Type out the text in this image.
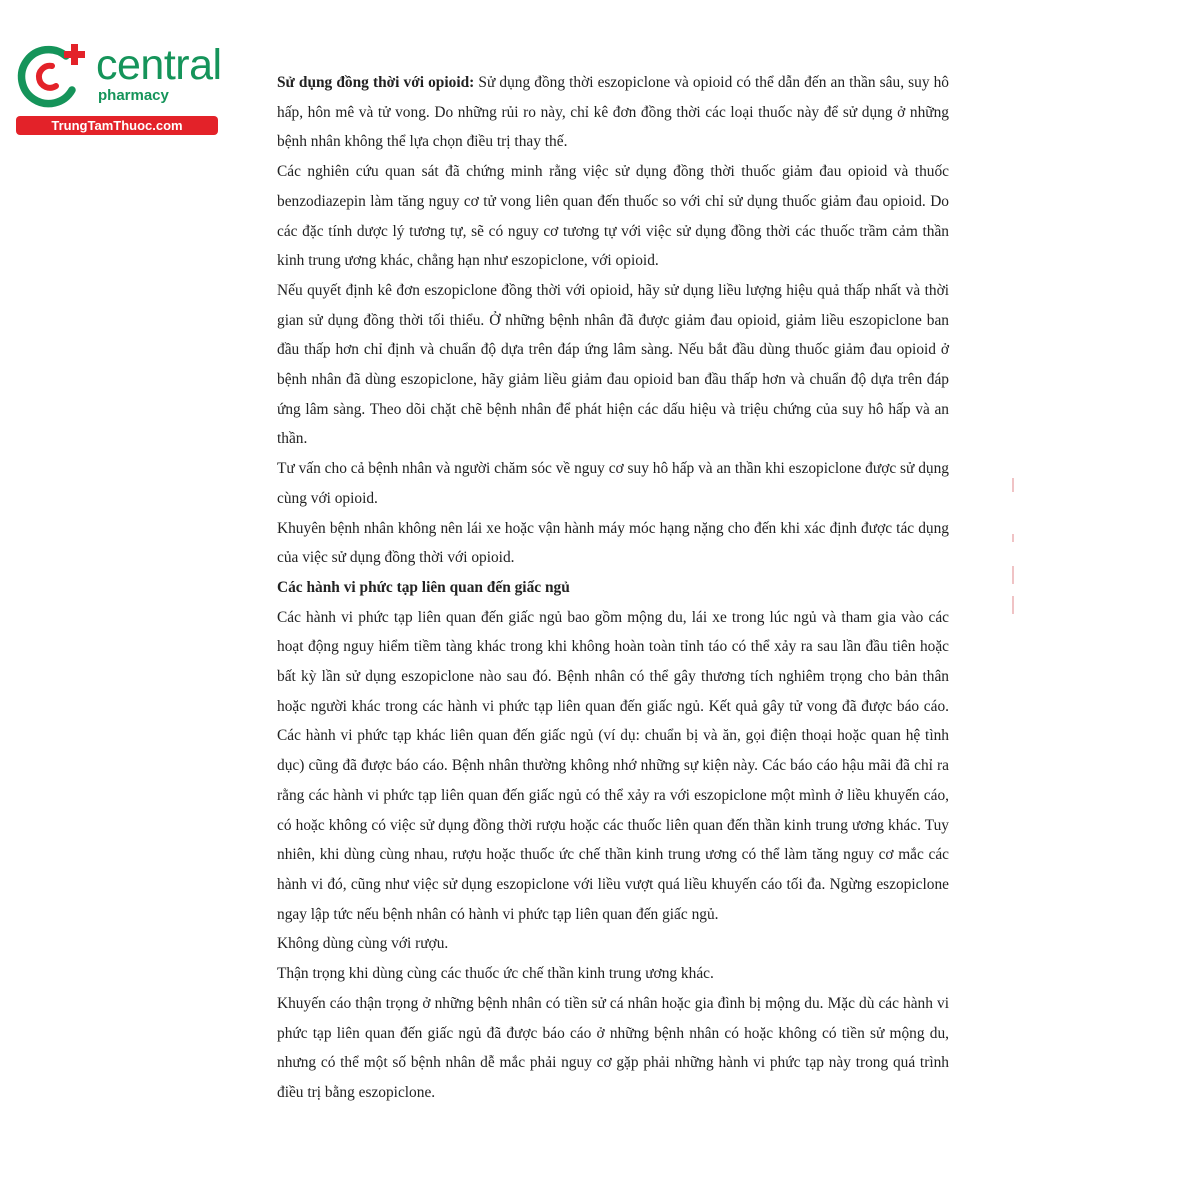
central
pharmacy
TrungTamThuoc.com

Sử dụng đồng thời với opioid: Sử dụng đồng thời eszopiclone và opioid có thể dẫn đến an thần sâu, suy hô hấp, hôn mê và tử vong. Do những rủi ro này, chỉ kê đơn đồng thời các loại thuốc này để sử dụng ở những bệnh nhân không thể lựa chọn điều trị thay thế.

Các nghiên cứu quan sát đã chứng minh rằng việc sử dụng đồng thời thuốc giảm đau opioid và thuốc benzodiazepin làm tăng nguy cơ tử vong liên quan đến thuốc so với chỉ sử dụng thuốc giảm đau opioid. Do các đặc tính dược lý tương tự, sẽ có nguy cơ tương tự với việc sử dụng đồng thời các thuốc trầm cảm thần kinh trung ương khác, chẳng hạn như eszopiclone, với opioid.

Nếu quyết định kê đơn eszopiclone đồng thời với opioid, hãy sử dụng liều lượng hiệu quả thấp nhất và thời gian sử dụng đồng thời tối thiểu. Ở những bệnh nhân đã được giảm đau opioid, giảm liều eszopiclone ban đầu thấp hơn chỉ định và chuẩn độ dựa trên đáp ứng lâm sàng. Nếu bắt đầu dùng thuốc giảm đau opioid ở bệnh nhân đã dùng eszopiclone, hãy giảm liều giảm đau opioid ban đầu thấp hơn và chuẩn độ dựa trên đáp ứng lâm sàng. Theo dõi chặt chẽ bệnh nhân để phát hiện các dấu hiệu và triệu chứng của suy hô hấp và an thần.

Tư vấn cho cả bệnh nhân và người chăm sóc về nguy cơ suy hô hấp và an thần khi eszopiclone được sử dụng cùng với opioid.

Khuyên bệnh nhân không nên lái xe hoặc vận hành máy móc hạng nặng cho đến khi xác định được tác dụng của việc sử dụng đồng thời với opioid.

Các hành vi phức tạp liên quan đến giấc ngủ

Các hành vi phức tạp liên quan đến giấc ngủ bao gồm mộng du, lái xe trong lúc ngủ và tham gia vào các hoạt động nguy hiểm tiềm tàng khác trong khi không hoàn toàn tỉnh táo có thể xảy ra sau lần đầu tiên hoặc bất kỳ lần sử dụng eszopiclone nào sau đó. Bệnh nhân có thể gây thương tích nghiêm trọng cho bản thân hoặc người khác trong các hành vi phức tạp liên quan đến giấc ngủ. Kết quả gây tử vong đã được báo cáo. Các hành vi phức tạp khác liên quan đến giấc ngủ (ví dụ: chuẩn bị và ăn, gọi điện thoại hoặc quan hệ tình dục) cũng đã được báo cáo. Bệnh nhân thường không nhớ những sự kiện này. Các báo cáo hậu mãi đã chỉ ra rằng các hành vi phức tạp liên quan đến giấc ngủ có thể xảy ra với eszopiclone một mình ở liều khuyến cáo, có hoặc không có việc sử dụng đồng thời rượu hoặc các thuốc liên quan đến thần kinh trung ương khác. Tuy nhiên, khi dùng cùng nhau, rượu hoặc thuốc ức chế thần kinh trung ương có thể làm tăng nguy cơ mắc các hành vi đó, cũng như việc sử dụng eszopiclone với liều vượt quá liều khuyến cáo tối đa. Ngừng eszopiclone ngay lập tức nếu bệnh nhân có hành vi phức tạp liên quan đến giấc ngủ.

Không dùng cùng với rượu.

Thận trọng khi dùng cùng các thuốc ức chế thần kinh trung ương khác.

Khuyến cáo thận trọng ở những bệnh nhân có tiền sử cá nhân hoặc gia đình bị mộng du. Mặc dù các hành vi phức tạp liên quan đến giấc ngủ đã được báo cáo ở những bệnh nhân có hoặc không có tiền sử mộng du, nhưng có thể một số bệnh nhân dễ mắc phải nguy cơ gặp phải những hành vi phức tạp này trong quá trình điều trị bằng eszopiclone.
